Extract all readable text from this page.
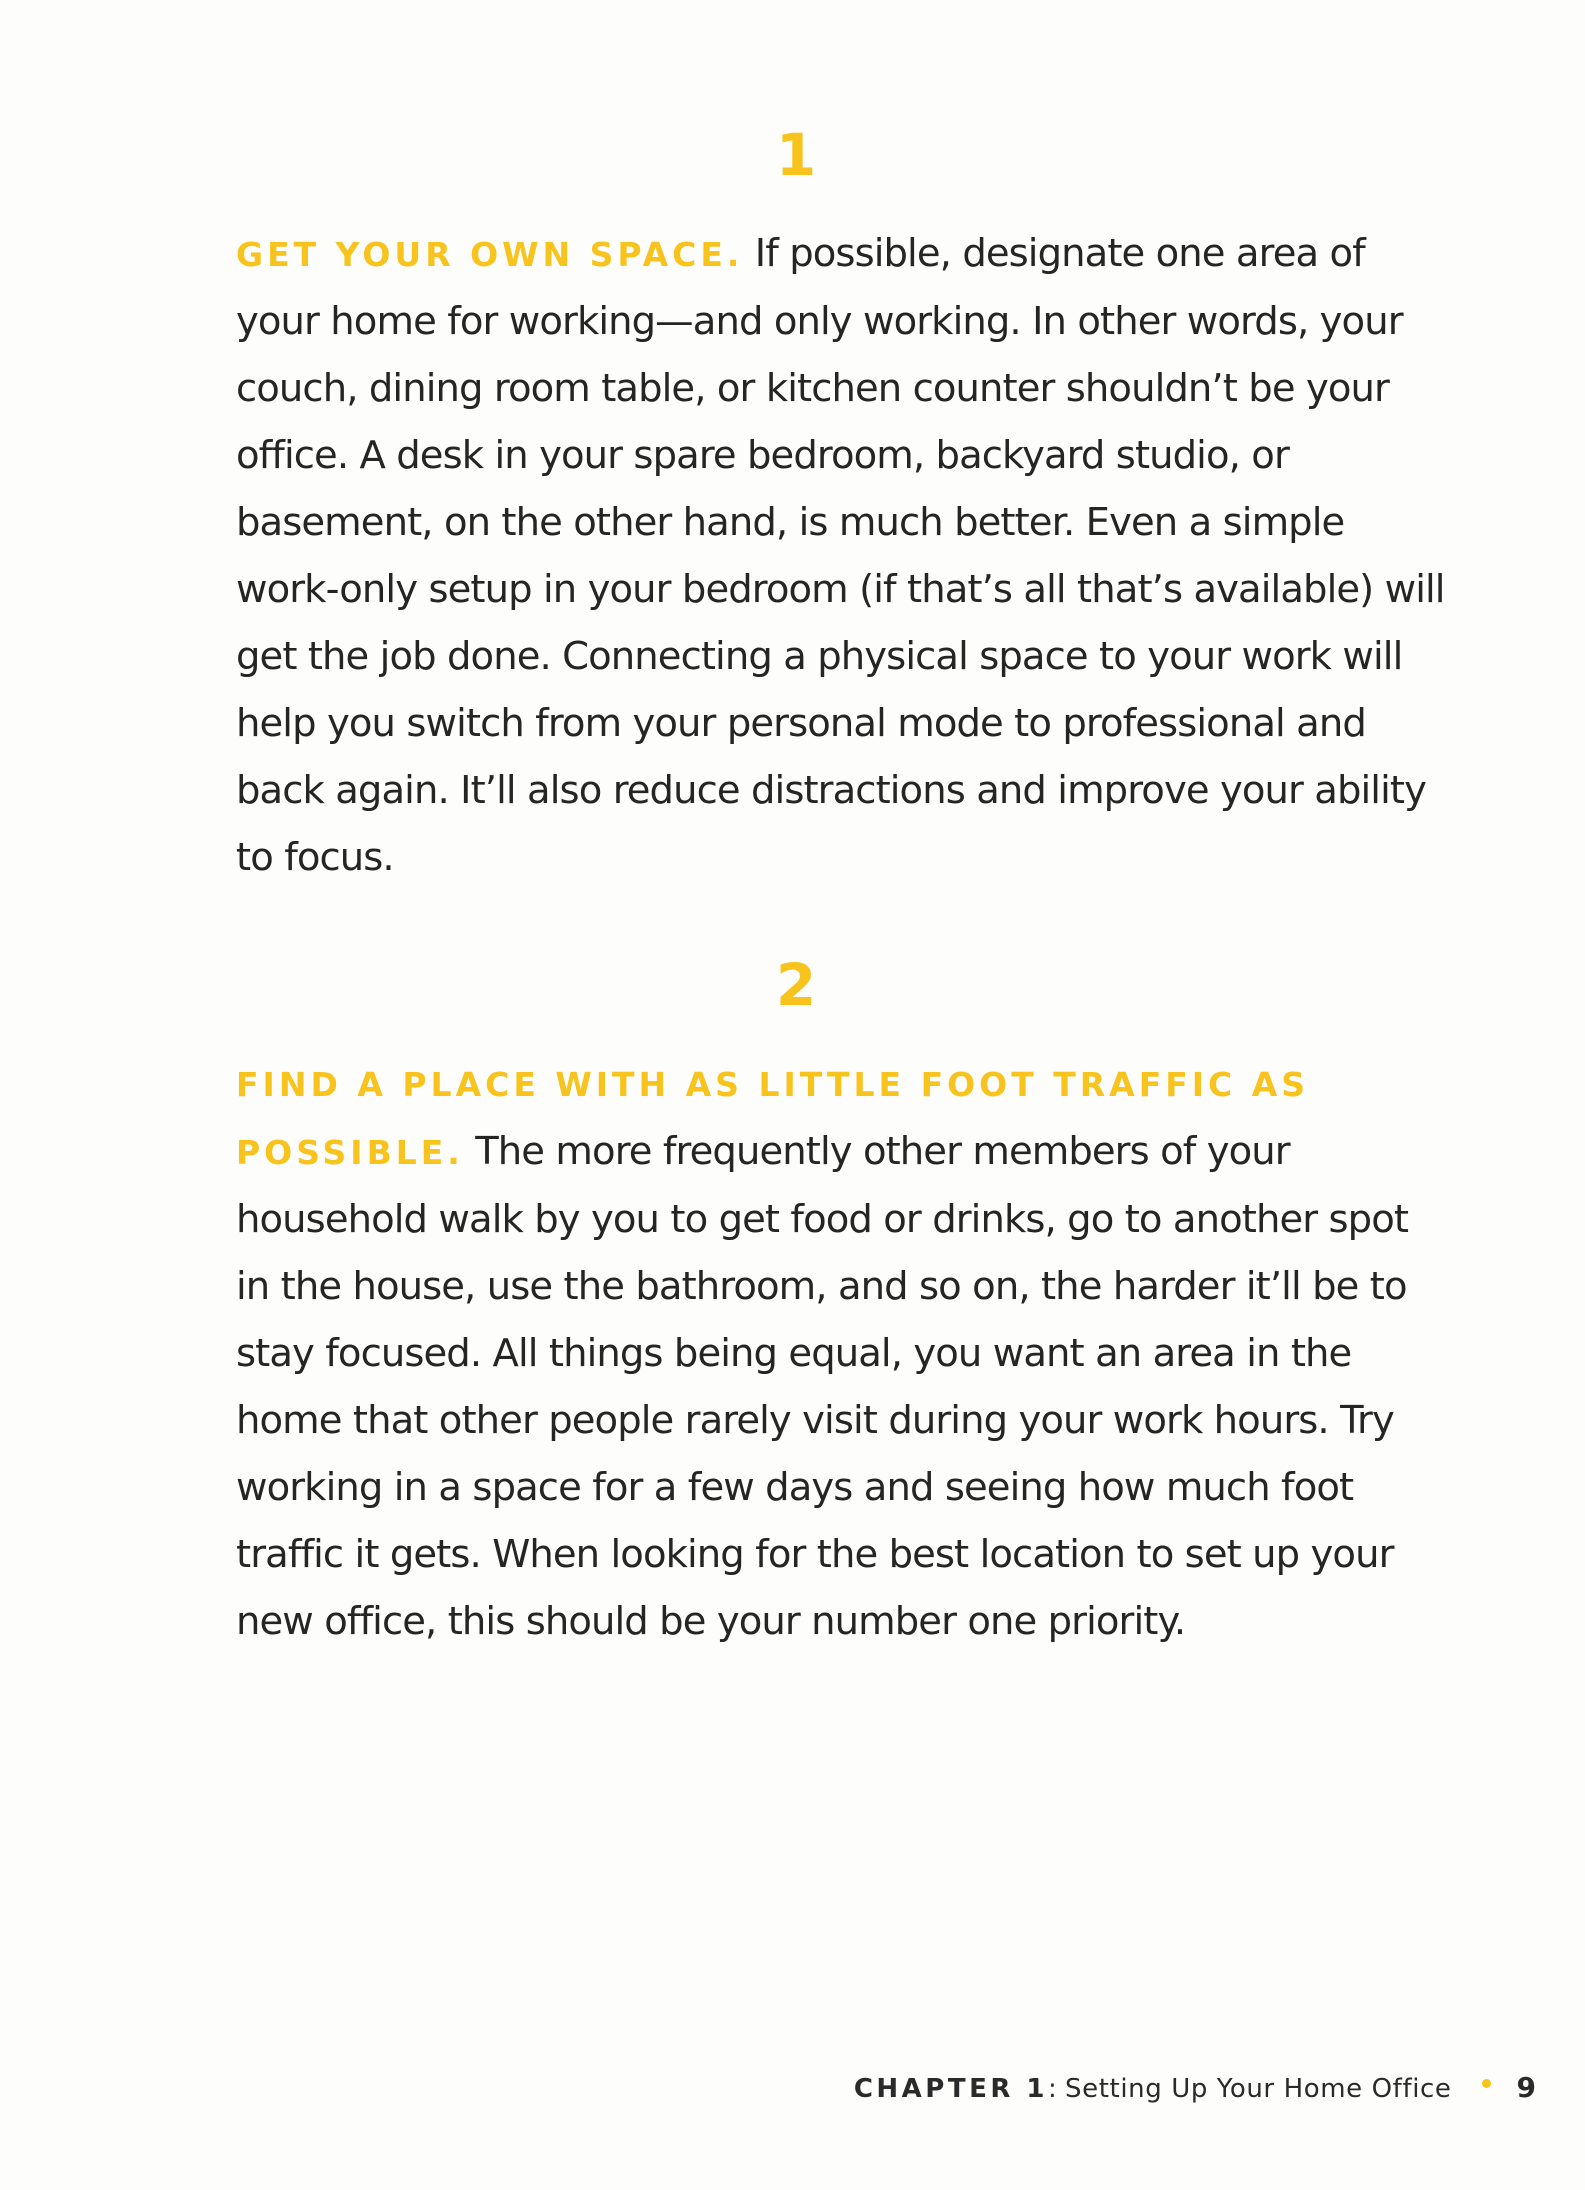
1

GET YOUR OWN SPACE. If possible, designate one area of your home for working—and only working. In other words, your couch, dining room table, or kitchen counter shouldn’t be your office. A desk in your spare bedroom, backyard studio, or basement, on the other hand, is much better. Even a simple work-only setup in your bedroom (if that’s all that’s available) will get the job done. Connecting a physical space to your work will help you switch from your personal mode to professional and back again. It’ll also reduce distractions and improve your ability to focus.

2

FIND A PLACE WITH AS LITTLE FOOT TRAFFIC AS POSSIBLE. The more frequently other members of your household walk by you to get food or drinks, go to another spot in the house, use the bathroom, and so on, the harder it’ll be to stay focused. All things being equal, you want an area in the home that other people rarely visit during your work hours. Try working in a space for a few days and seeing how much foot traffic it gets. When looking for the best location to set up your new office, this should be your number one priority.

CHAPTER 1: Setting Up Your Home Office 9
